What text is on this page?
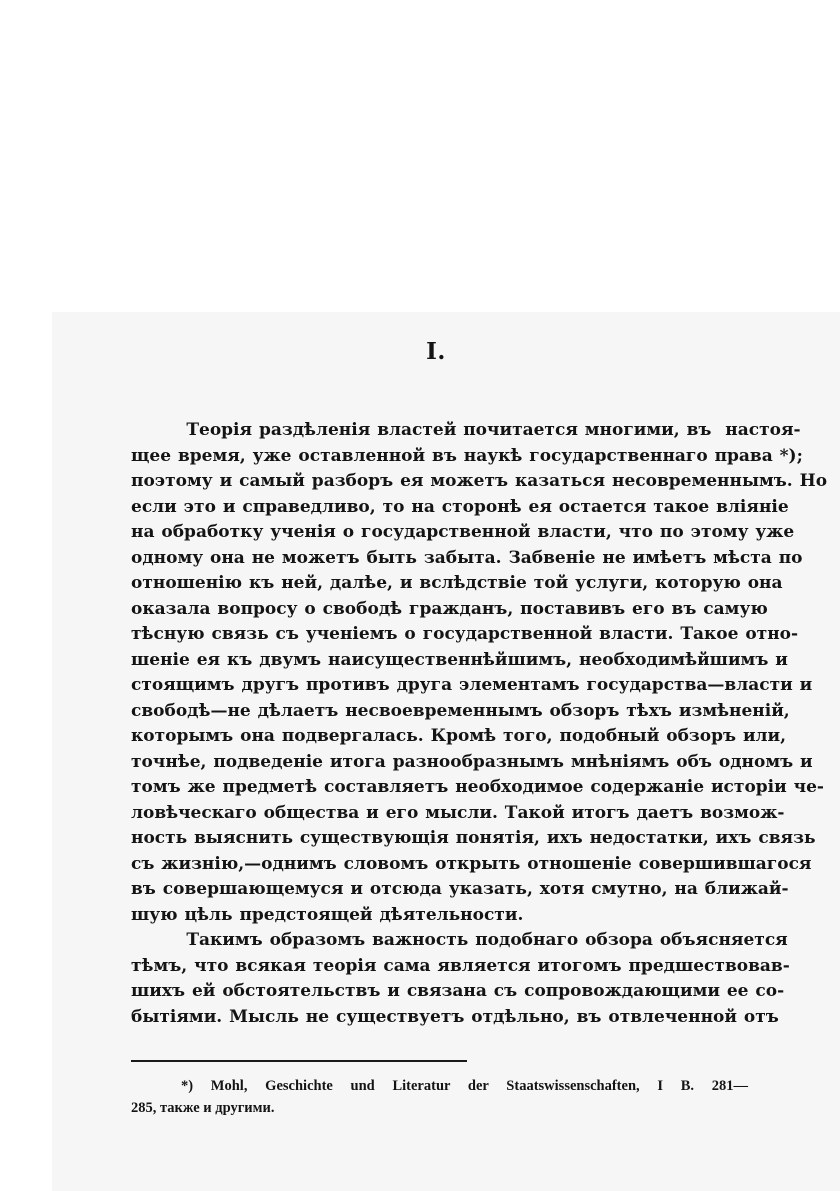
I.
Теорія раздѣленія властей почитается многими, въ  настоя-
щее время, уже оставленной въ наукѣ государственнаго права *);
поэтому и самый разборъ ея можетъ казаться несовременнымъ. Но
если это и справедливо, то на сторонѣ ея остается такое вліяніе
на обработку ученія о государственной власти, что по этому уже
одному она не можетъ быть забыта. Забвеніе не имѣетъ мѣста по
отношенію къ ней, далѣе, и вслѣдствіе той услуги, которую она
оказала вопросу о свободѣ гражданъ, поставивъ его въ самую
тѣсную связь съ ученіемъ о государственной власти. Такое отно-
шеніе ея къ двумъ наисущественнѣйшимъ, необходимѣйшимъ и
стоящимъ другъ противъ друга элементамъ государства—власти и
свободѣ—не дѣлаетъ несвоевременнымъ обзоръ тѣхъ измѣненій,
которымъ она подвергалась. Кромѣ того, подобный обзоръ или,
точнѣе, подведеніе итога разнообразнымъ мнѣніямъ объ одномъ и
томъ же предметѣ составляетъ необходимое содержаніе исторіи че-
ловѣческаго общества и его мысли. Такой итогъ даетъ возмож-
ность выяснить существующія понятія, ихъ недостатки, ихъ связь
съ жизнію,—однимъ словомъ открыть отношеніе совершившагося
въ совершающемуся и отсюда указать, хотя смутно, на ближай-
шую цѣль предстоящей дѣятельности.
Такимъ образомъ важность подобнаго обзора объясняется
тѣмъ, что всякая теорія сама является итогомъ предшествовав-
шихъ ей обстоятельствъ и связана съ сопровождающими ее со-
бытіями. Мысль не существуетъ отдѣльно, въ отвлеченной отъ
*) Mohl, Geschichte und Literatur der Staatswissenschaften, I B. 281—
285, также и другими.
